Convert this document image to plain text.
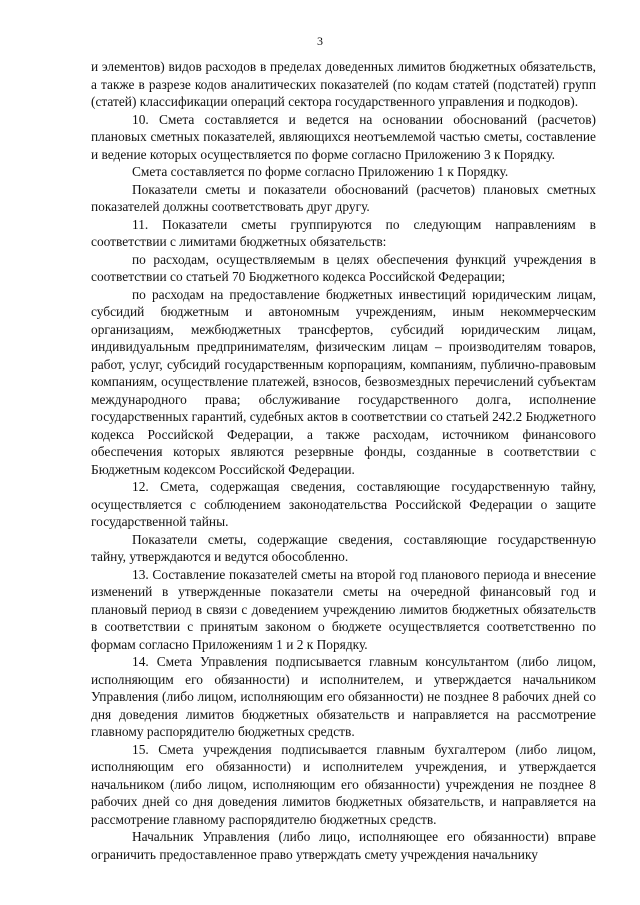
3

и элементов) видов расходов в пределах доведенных лимитов бюджетных обязательств, а также в разрезе кодов аналитических показателей (по кодам статей (подстатей) групп (статей) классификации операций сектора государственного управления и подкодов).

10. Смета составляется и ведется на основании обоснований (расчетов) плановых сметных показателей, являющихся неотъемлемой частью сметы, составление и ведение которых осуществляется по форме согласно Приложению 3 к Порядку.

Смета составляется по форме согласно Приложению 1 к Порядку.

Показатели сметы и показатели обоснований (расчетов) плановых сметных показателей должны соответствовать друг другу.

11. Показатели сметы группируются по следующим направлениям в соответствии с лимитами бюджетных обязательств:

по расходам, осуществляемым в целях обеспечения функций учреждения в соответствии со статьей 70 Бюджетного кодекса Российской Федерации;

по расходам на предоставление бюджетных инвестиций юридическим лицам, субсидий бюджетным и автономным учреждениям, иным некоммерческим организациям, межбюджетных трансфертов, субсидий юридическим лицам, индивидуальным предпринимателям, физическим лицам – производителям товаров, работ, услуг, субсидий государственным корпорациям, компаниям, публично-правовым компаниям, осуществление платежей, взносов, безвозмездных перечислений субъектам международного права; обслуживание государственного долга, исполнение государственных гарантий, судебных актов в соответствии со статьей 242.2 Бюджетного кодекса Российской Федерации, а также расходам, источником финансового обеспечения которых являются резервные фонды, созданные в соответствии с Бюджетным кодексом Российской Федерации.

12. Смета, содержащая сведения, составляющие государственную тайну, осуществляется с соблюдением законодательства Российской Федерации о защите государственной тайны.

Показатели сметы, содержащие сведения, составляющие государственную тайну, утверждаются и ведутся обособленно.

13. Составление показателей сметы на второй год планового периода и внесение изменений в утвержденные показатели сметы на очередной финансовый год и плановый период в связи с доведением учреждению лимитов бюджетных обязательств в соответствии с принятым законом о бюджете осуществляется соответственно по формам согласно Приложениям 1 и 2 к Порядку.

14. Смета Управления подписывается главным консультантом (либо лицом, исполняющим его обязанности) и исполнителем, и утверждается начальником Управления (либо лицом, исполняющим его обязанности) не позднее 8 рабочих дней со дня доведения лимитов бюджетных обязательств и направляется на рассмотрение главному распорядителю бюджетных средств.

15. Смета учреждения подписывается главным бухгалтером (либо лицом, исполняющим его обязанности) и исполнителем учреждения, и утверждается начальником (либо лицом, исполняющим его обязанности) учреждения не позднее 8 рабочих дней со дня доведения лимитов бюджетных обязательств, и направляется на рассмотрение главному распорядителю бюджетных средств.

Начальник Управления (либо лицо, исполняющее его обязанности) вправе ограничить предоставленное право утверждать смету учреждения начальнику
